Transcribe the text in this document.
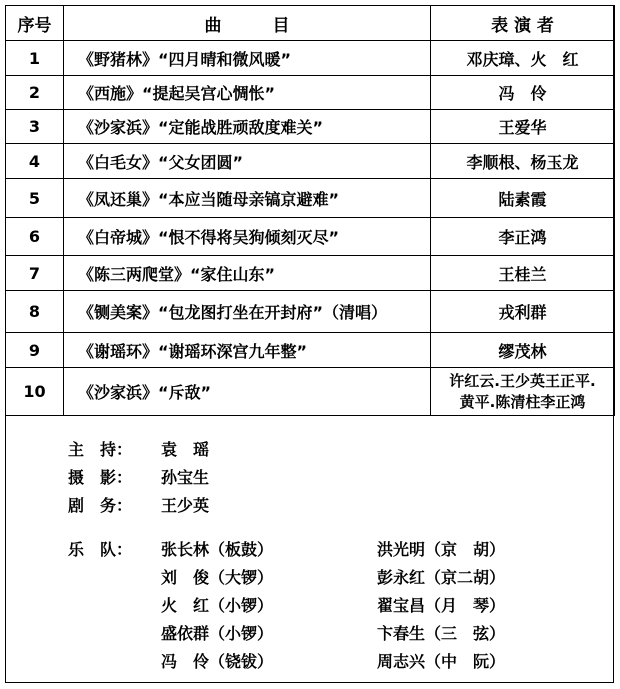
序号	曲　　　目	表 演 者
1	《野猪林》“四月晴和微风暖”	邓庆璋、火　红
2	《西施》“提起吴宫心惆怅”	冯　伶
3	《沙家浜》“定能战胜顽敌度难关”	王爱华
4	《白毛女》“父女团圆”	李顺根、杨玉龙
5	《凤还巢》“本应当随母亲镐京避难”	陆素霞
6	《白帝城》“恨不得将吴狗倾刻灭尽”	李正鸿
7	《陈三两爬堂》“家住山东”	王桂兰
8	《铡美案》“包龙图打坐在开封府”（清唱）	戎利群
9	《谢瑶环》“谢瑶环深宫九年整”	缪茂林
10	《沙家浜》“斥敌”	许红云.王少英王正平.
黄平.陈清柱李正鸿
主　持： 袁　瑶
摄　影： 孙宝生
剧　务： 王少英
乐　队： 张长林（板鼓）
刘　俊（大锣）
火　红（小锣）
盛依群（小锣）
冯　伶（铙钹）
洪光明（京　胡）
彭永红（京二胡）
翟宝昌（月　琴）
卞春生（三　弦）
周志兴（中　阮）
